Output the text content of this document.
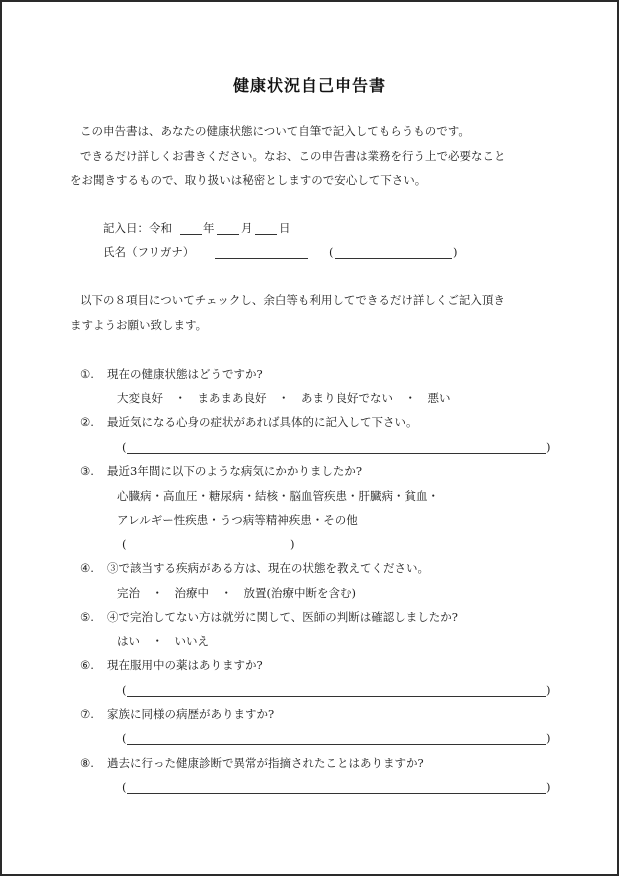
健康状況自己申告書
この申告書は、あなたの健康状態について自筆で記入してもらうものです。
できるだけ詳しくお書きください。なお、この申告書は業務を行う上で必要なこと
をお聞きするもので、取り扱いは秘密としますので安心して下さい。
記入日：令和	年 月 日
氏名（フリガナ）	(	)
以下の８項目についてチェックし、余白等も利用してできるだけ詳しくご記入頂き
ますようお願い致します。
①. 現在の健康状態はどうですか?
大変良好　・　まあまあ良好　・　あまり良好でない　・　悪い
②. 最近気になる心身の症状があれば具体的に記入して下さい。
(	)
③. 最近3年間に以下のような病気にかかりましたか?
心臓病・高血圧・糖尿病・結核・脳血管疾患・肝臓病・貧血・
アレルギー性疾患・うつ病等精神疾患・その他
(	)
④. ③で該当する疾病がある方は、現在の状態を教えてください。
完治　・　治療中　・　放置(治療中断を含む)
⑤. ④で完治してない方は就労に関して、医師の判断は確認しましたか?
はい　・　いいえ
⑥. 現在服用中の薬はありますか?
(	)
⑦. 家族に同様の病歴がありますか?
(	)
⑧. 過去に行った健康診断で異常が指摘されたことはありますか?
(	)
